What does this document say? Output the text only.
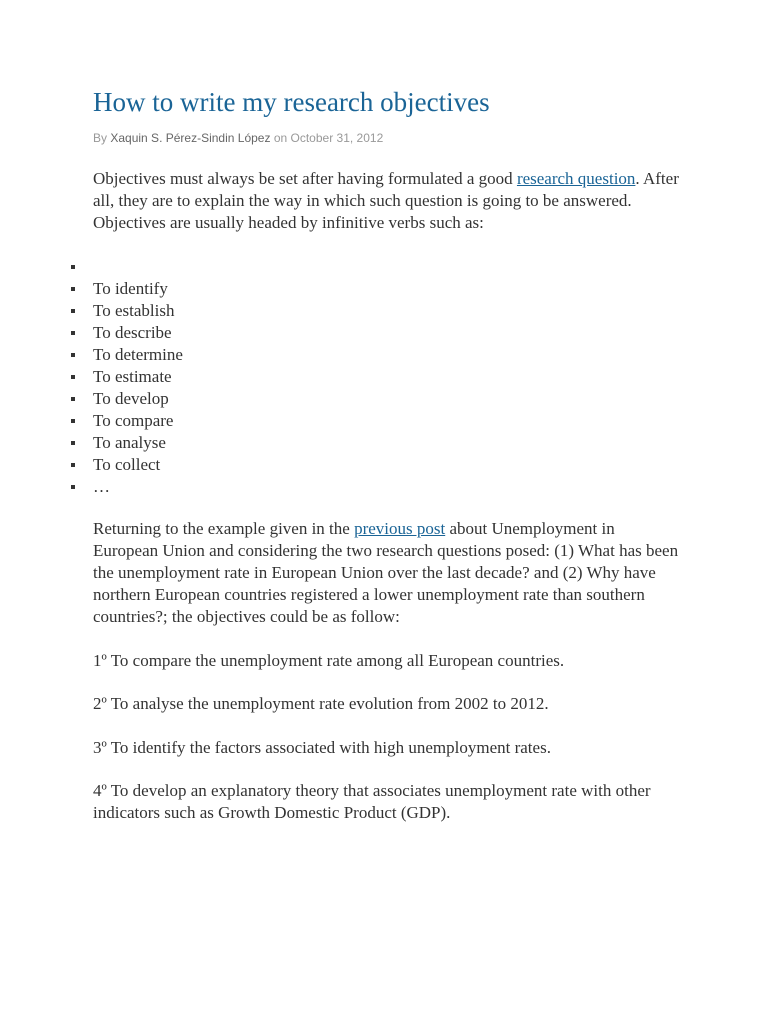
How to write my research objectives
By Xaquin S. Pérez-Sindin López on October 31, 2012
Objectives must always be set after having formulated a good research question. After all, they are to explain the way in which such question is going to be answered. Objectives are usually headed by infinitive verbs such as:
To identify
To establish
To describe
To determine
To estimate
To develop
To compare
To analyse
To collect
…
Returning to the example given in the previous post about Unemployment in European Union and considering the two research questions posed: (1) What has been the unemployment rate in European Union over the last decade? and (2) Why have northern European countries registered a lower unemployment rate than southern countries?; the objectives could be as follow:
1º To compare the unemployment rate among all European countries.
2º To analyse the unemployment rate evolution from 2002 to 2012.
3º To identify the factors associated with high unemployment rates.
4º To develop an explanatory theory that associates unemployment rate with other indicators such as Growth Domestic Product (GDP).
